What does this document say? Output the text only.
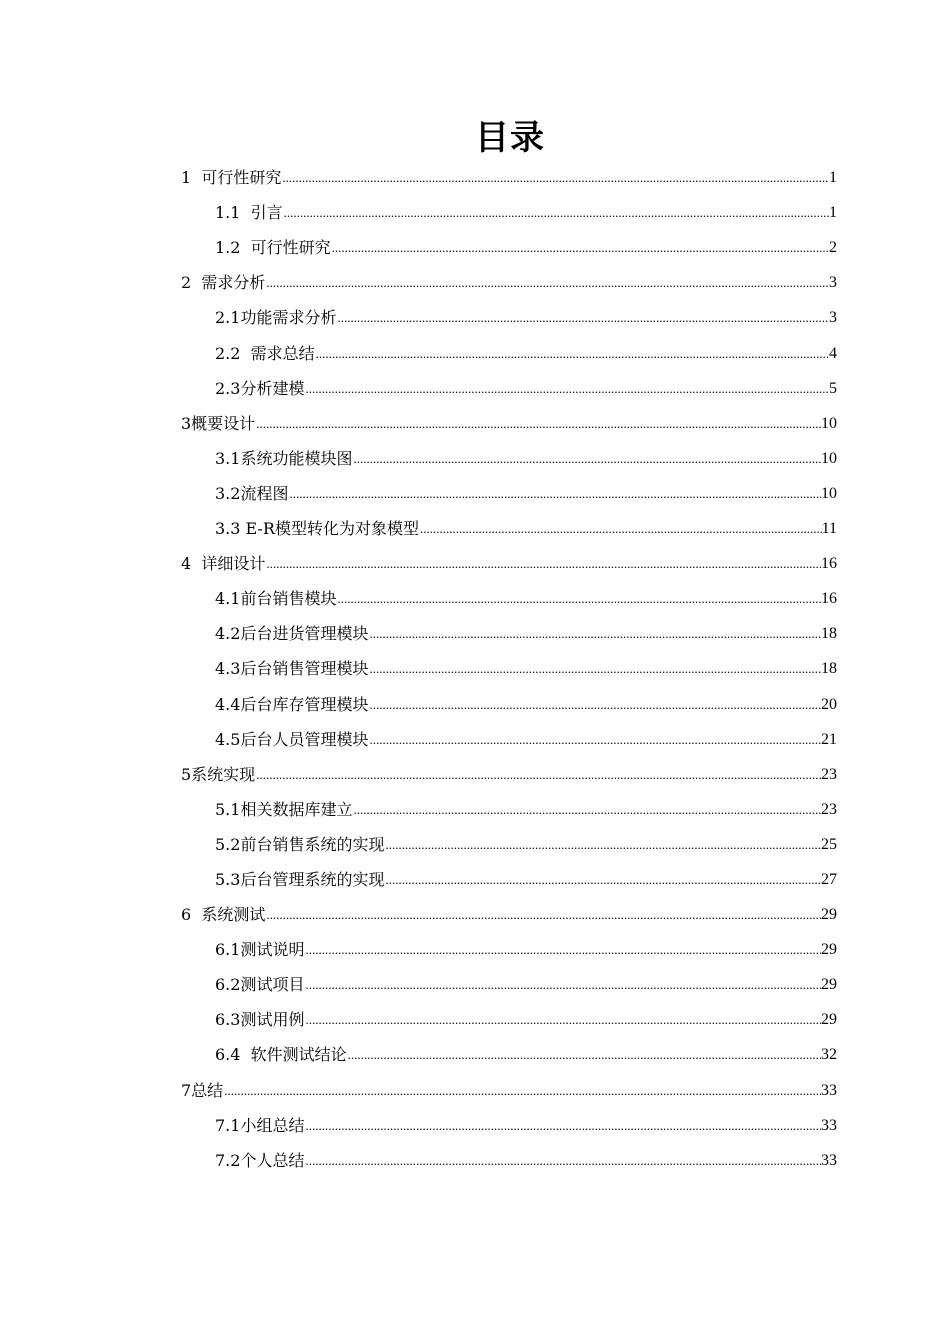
目录
1  可行性研究 .....	1
1.1  引言 .....	1
1.2  可行性研究 .....	2
2  需求分析 .....	3
2.1功能需求分析 .....	3
2.2  需求总结 .....	4
2.3分析建模 .....	5
3概要设计 .....	10
3.1系统功能模块图 .....	10
3.2流程图 .....	10
3.3 E-R模型转化为对象模型 .....	11
4  详细设计 .....	16
4.1前台销售模块 .....	16
4.2后台进货管理模块 .....	18
4.3后台销售管理模块 .....	18
4.4后台库存管理模块 .....	20
4.5后台人员管理模块 .....	21
5系统实现 .....	23
5.1相关数据库建立 .....	23
5.2前台销售系统的实现 .....	25
5.3后台管理系统的实现 .....	27
6  系统测试 .....	29
6.1测试说明 .....	29
6.2测试项目 .....	29
6.3测试用例 .....	29
6.4  软件测试结论 .....	32
7总结 .....	33
7.1小组总结 .....	33
7.2个人总结 .....	33
